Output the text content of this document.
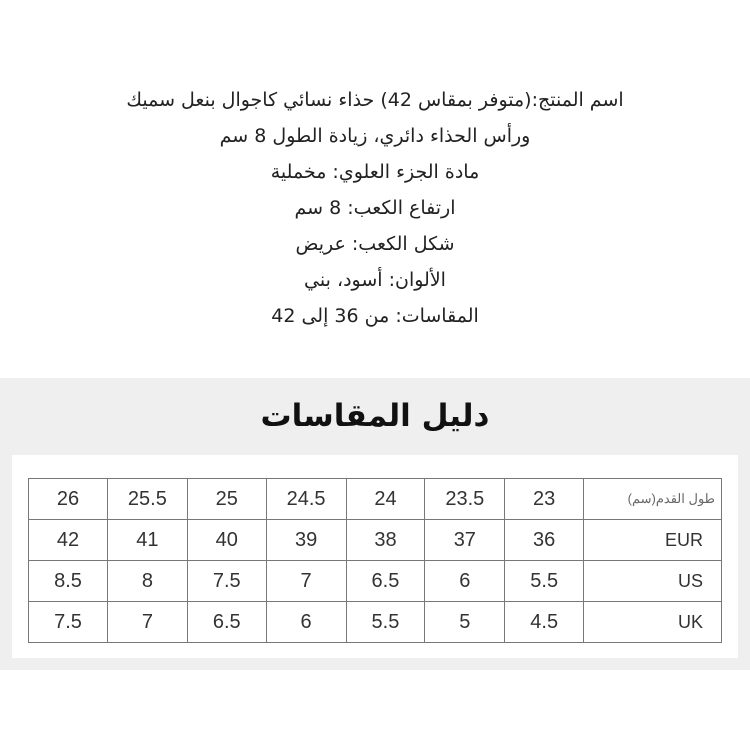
اسم المنتج:(متوفر بمقاس 42) حذاء نسائي كاجوال بنعل سميك
ورأس الحذاء دائري، زيادة الطول 8 سم
مادة الجزء العلوي: مخملية
ارتفاع الكعب: 8 سم
شكل الكعب: عريض
الألوان: أسود، بني
المقاسات: من 36 إلى 42
دليل المقاسات
طول القدم(سم)	23	23.5	24	24.5	25	25.5	26
EUR	36	37	38	39	40	41	42
US	5.5	6	6.5	7	7.5	8	8.5
UK	4.5	5	5.5	6	6.5	7	7.5
